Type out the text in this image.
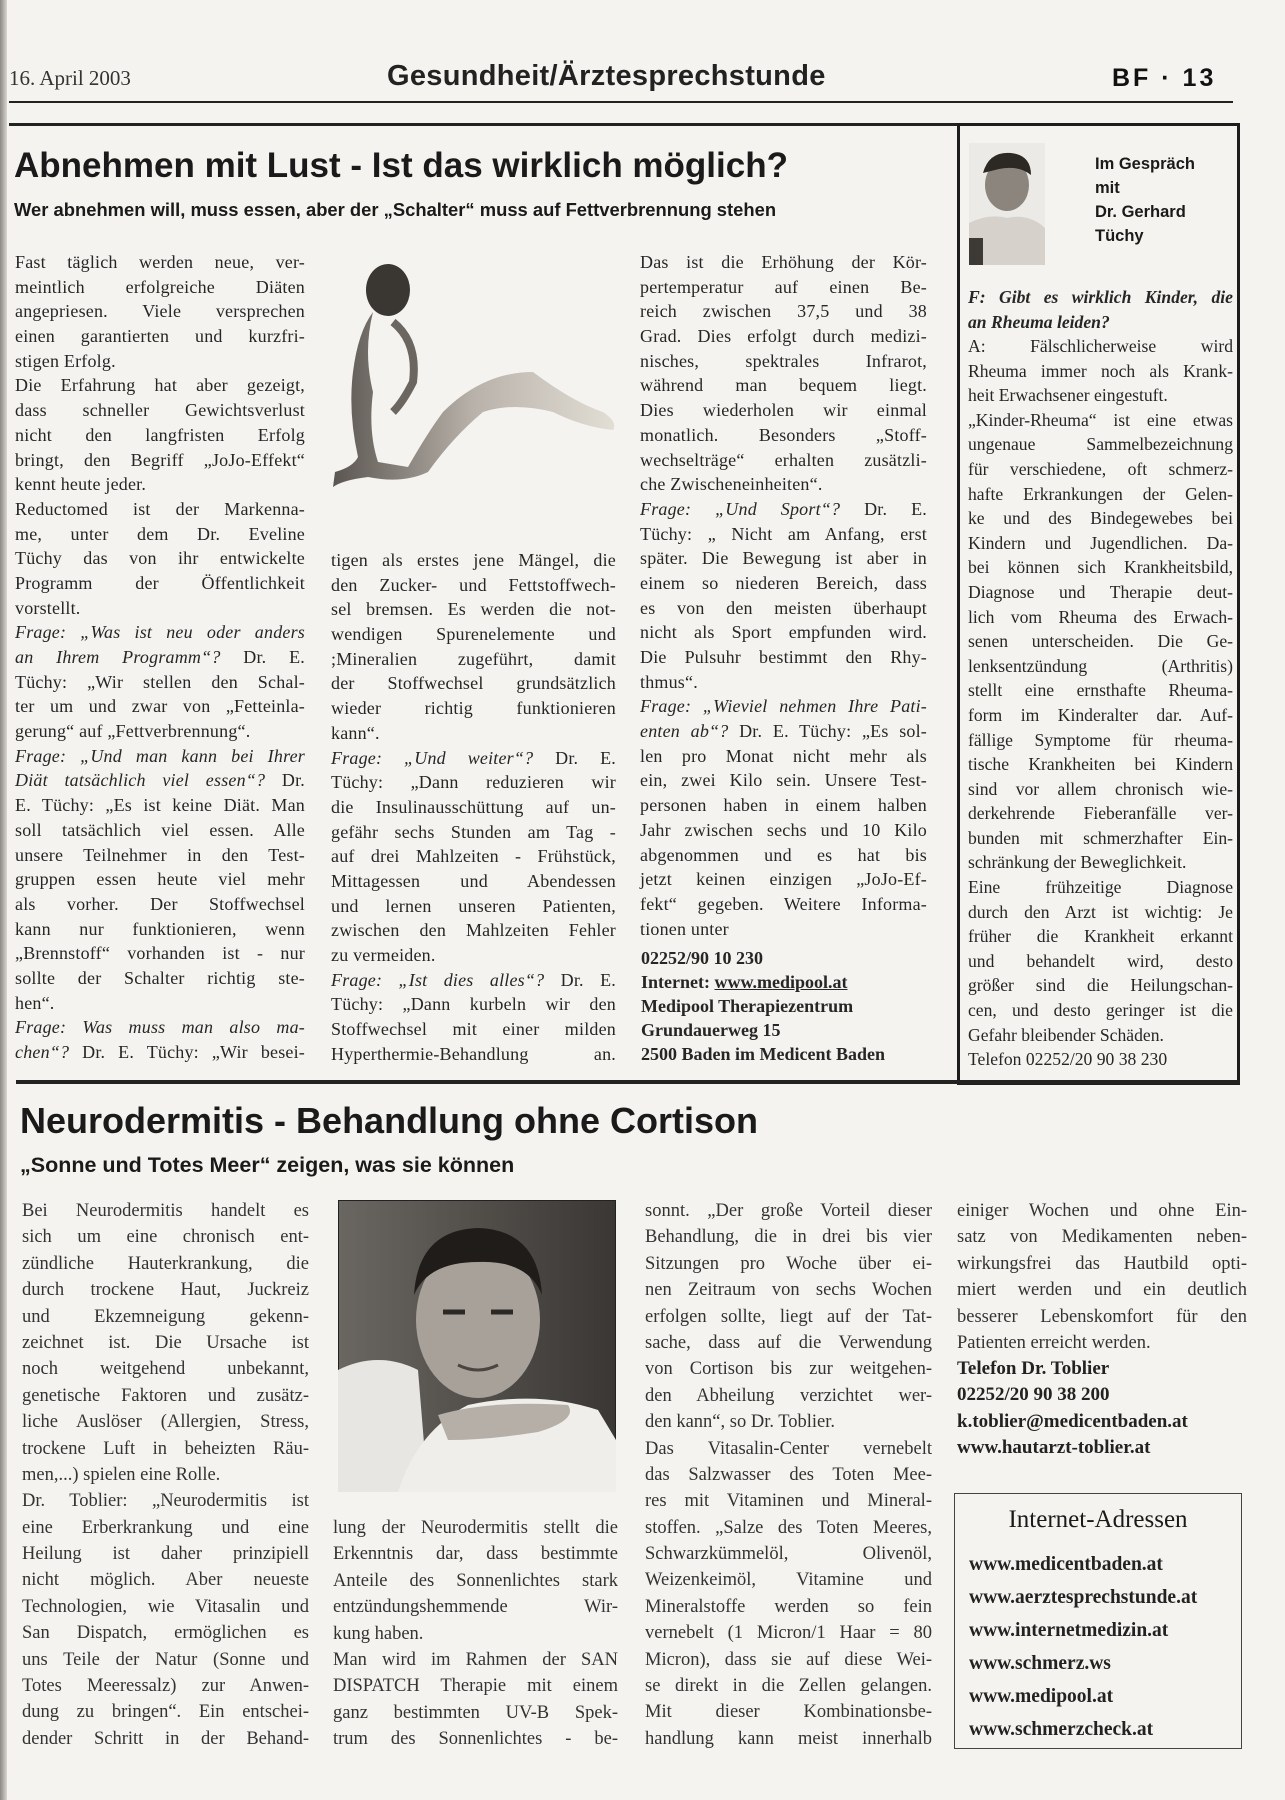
16. April 2003	Gesundheit/Ärztesprechstunde	BF · 13
Abnehmen mit Lust - Ist das wirklich möglich?
Wer abnehmen will, muss essen, aber der „Schalter“ muss auf Fettverbrennung stehen
Fast täglich werden neue, ver-
meintlich erfolgreiche Diäten
angepriesen. Viele versprechen
einen garantierten und kurzfri-
stigen Erfolg.
Die Erfahrung hat aber gezeigt,
dass schneller Gewichtsverlust
nicht den langfristen Erfolg
bringt, den Begriff „JoJo-Effekt“
kennt heute jeder.
Reductomed ist der Markenna-
me, unter dem Dr. Eveline
Tüchy das von ihr entwickelte
Programm der Öffentlichkeit
vorstellt.
Frage: „Was ist neu oder anders
an Ihrem Programm“? Dr. E.
Tüchy: „Wir stellen den Schal-
ter um und zwar von „Fetteinla-
gerung“ auf „Fettverbrennung“.
Frage: „Und man kann bei Ihrer
Diät tatsächlich viel essen“? Dr.
E. Tüchy: „Es ist keine Diät. Man
soll tatsächlich viel essen. Alle
unsere Teilnehmer in den Test-
gruppen essen heute viel mehr
als vorher. Der Stoffwechsel
kann nur funktionieren, wenn
„Brennstoff“ vorhanden ist - nur
sollte der Schalter richtig ste-
hen“.
Frage: Was muss man also ma-
chen“? Dr. E. Tüchy: „Wir besei-
tigen als erstes jene Mängel, die
den Zucker- und Fettstoffwech-
sel bremsen. Es werden die not-
wendigen Spurenelemente und
;Mineralien zugeführt, damit
der Stoffwechsel grundsätzlich
wieder richtig funktionieren
kann“.
Frage: „Und weiter“? Dr. E.
Tüchy: „Dann reduzieren wir
die Insulinausschüttung auf un-
gefähr sechs Stunden am Tag -
auf drei Mahlzeiten - Frühstück,
Mittagessen und Abendessen
und lernen unseren Patienten,
zwischen den Mahlzeiten Fehler
zu vermeiden.
Frage: „Ist dies alles“? Dr. E.
Tüchy: „Dann kurbeln wir den
Stoffwechsel mit einer milden
Hyperthermie-Behandlung an.
Das ist die Erhöhung der Kör-
pertemperatur auf einen Be-
reich zwischen 37,5 und 38
Grad. Dies erfolgt durch medizi-
nisches, spektrales Infrarot,
während man bequem liegt.
Dies wiederholen wir einmal
monatlich. Besonders „Stoff-
wechselträge“ erhalten zusätzli-
che Zwischeneinheiten“.
Frage: „Und Sport“? Dr. E.
Tüchy: „ Nicht am Anfang, erst
später. Die Bewegung ist aber in
einem so niederen Bereich, dass
es von den meisten überhaupt
nicht als Sport empfunden wird.
Die Pulsuhr bestimmt den Rhy-
thmus“.
Frage: „Wieviel nehmen Ihre Pati-
enten ab“? Dr. E. Tüchy: „Es sol-
len pro Monat nicht mehr als
ein, zwei Kilo sein. Unsere Test-
personen haben in einem halben
Jahr zwischen sechs und 10 Kilo
abgenommen und es hat bis
jetzt keinen einzigen „JoJo-Ef-
fekt“ gegeben. Weitere Informa-
tionen unter
02252/90 10 230
Internet: www.medipool.at
Medipool Therapiezentrum
Grundauerweg 15
2500 Baden im Medicent Baden
Im Gespräch
mit
Dr. Gerhard
Tüchy
F: Gibt es wirklich Kinder, die
an Rheuma leiden?
A: Fälschlicherweise wird
Rheuma immer noch als Krank-
heit Erwachsener eingestuft.
„Kinder-Rheuma“ ist eine etwas
ungenaue Sammelbezeichnung
für verschiedene, oft schmerz-
hafte Erkrankungen der Gelen-
ke und des Bindegewebes bei
Kindern und Jugendlichen. Da-
bei können sich Krankheitsbild,
Diagnose und Therapie deut-
lich vom Rheuma des Erwach-
senen unterscheiden. Die Ge-
lenksentzündung (Arthritis)
stellt eine ernsthafte Rheuma-
form im Kinderalter dar. Auf-
fällige Symptome für rheuma-
tische Krankheiten bei Kindern
sind vor allem chronisch wie-
derkehrende Fieberanfälle ver-
bunden mit schmerzhafter Ein-
schränkung der Beweglichkeit.
Eine frühzeitige Diagnose
durch den Arzt ist wichtig: Je
früher die Krankheit erkannt
und behandelt wird, desto
größer sind die Heilungschan-
cen, und desto geringer ist die
Gefahr bleibender Schäden.
Telefon 02252/20 90 38 230
Neurodermitis - Behandlung ohne Cortison
„Sonne und Totes Meer“ zeigen, was sie können
Bei Neurodermitis handelt es
sich um eine chronisch ent-
zündliche Hauterkrankung, die
durch trockene Haut, Juckreiz
und Ekzemneigung gekenn-
zeichnet ist. Die Ursache ist
noch weitgehend unbekannt,
genetische Faktoren und zusätz-
liche Auslöser (Allergien, Stress,
trockene Luft in beheizten Räu-
men,...) spielen eine Rolle.
Dr. Toblier: „Neurodermitis ist
eine Erberkrankung und eine
Heilung ist daher prinzipiell
nicht möglich. Aber neueste
Technologien, wie Vitasalin und
San Dispatch, ermöglichen es
uns Teile der Natur (Sonne und
Totes Meeressalz) zur Anwen-
dung zu bringen“. Ein entschei-
dender Schritt in der Behand-
lung der Neurodermitis stellt die
Erkenntnis dar, dass bestimmte
Anteile des Sonnenlichtes stark
entzündungshemmende Wir-
kung haben.
Man wird im Rahmen der SAN
DISPATCH Therapie mit einem
ganz bestimmten UV-B Spek-
trum des Sonnenlichtes - be-
sonnt. „Der große Vorteil dieser
Behandlung, die in drei bis vier
Sitzungen pro Woche über ei-
nen Zeitraum von sechs Wochen
erfolgen sollte, liegt auf der Tat-
sache, dass auf die Verwendung
von Cortison bis zur weitgehen-
den Abheilung verzichtet wer-
den kann“, so Dr. Toblier.
Das Vitasalin-Center vernebelt
das Salzwasser des Toten Mee-
res mit Vitaminen und Mineral-
stoffen. „Salze des Toten Meeres,
Schwarzkümmelöl, Olivenöl,
Weizenkeimöl, Vitamine und
Mineralstoffe werden so fein
vernebelt (1 Micron/1 Haar = 80
Micron), dass sie auf diese Wei-
se direkt in die Zellen gelangen.
Mit dieser Kombinationsbe-
handlung kann meist innerhalb
einiger Wochen und ohne Ein-
satz von Medikamenten neben-
wirkungsfrei das Hautbild opti-
miert werden und ein deutlich
besserer Lebenskomfort für den
Patienten erreicht werden.
Telefon Dr. Toblier
02252/20 90 38 200
k.toblier@medicentbaden.at
www.hautarzt-toblier.at
Internet-Adressen
www.medicentbaden.at
www.aerztesprechstunde.at
www.internetmedizin.at
www.schmerz.ws
www.medipool.at
www.schmerzcheck.at
